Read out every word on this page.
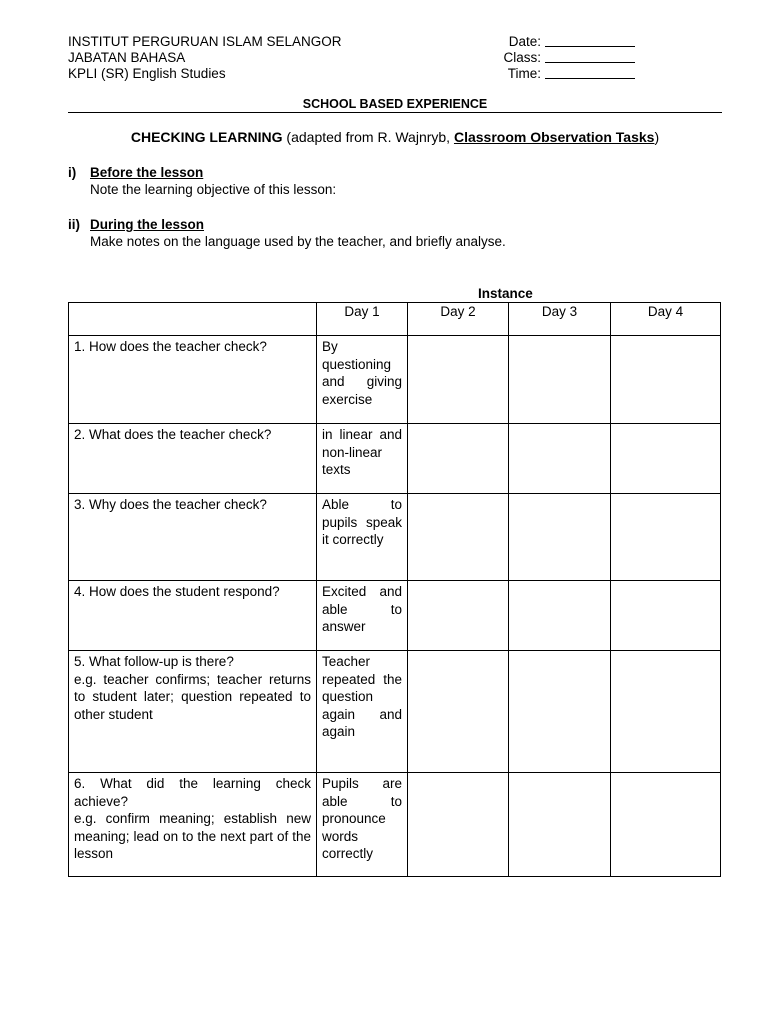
INSTITUT PERGURUAN ISLAM SELANGOR
JABATAN BAHASA
KPLI (SR) English Studies
Date:
Class:
Time:
SCHOOL BASED EXPERIENCE
CHECKING LEARNING (adapted from R. Wajnryb, Classroom Observation Tasks)
i) Before the lesson
Note the learning objective of this lesson:
ii) During the lesson
Make notes on the language used by the teacher, and briefly analyse.
Instance
	Day 1	Day 2	Day 3	Day 4

1. How does the teacher check?	By questioning and giving exercise			

2. What does the teacher check?	in linear and non-linear texts			

3. Why does the teacher check?	Able to pupils speak it correctly			

4. How does the student respond?	Excited and able to answer			

5. What follow-up is there?
e.g. teacher confirms; teacher returns to student later; question repeated to other student	Teacher repeated the question again and again			

6. What did the learning check achieve?
e.g. confirm meaning; establish new meaning; lead on to the next part of the lesson	Pupils are able to pronounce words correctly			
